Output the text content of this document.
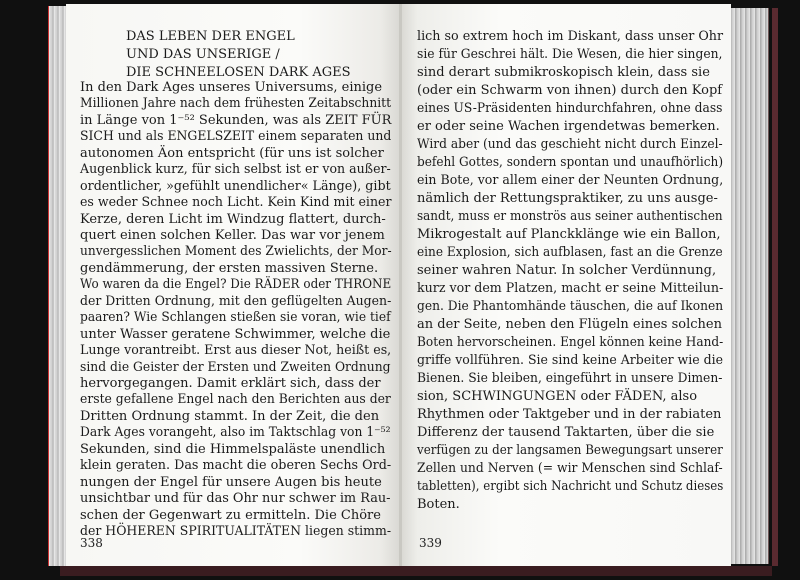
DAS LEBEN DER ENGEL
UND DAS UNSERIGE /
DIE SCHNEELOSEN DARK AGES
In den Dark Ages unseres Universums, einige
Millionen Jahre nach dem frühesten Zeitabschnitt
in Länge von 1⁻⁵² Sekunden, was als ZEIT FÜR
SICH und als ENGELSZEIT einem separaten und
autonomen Äon entspricht (für uns ist solcher
Augenblick kurz, für sich selbst ist er von außer-
ordentlicher, »gefühlt unendlicher« Länge), gibt
es weder Schnee noch Licht. Kein Kind mit einer
Kerze, deren Licht im Windzug flattert, durch-
quert einen solchen Keller. Das war vor jenem
unvergesslichen Moment des Zwielichts, der Mor-
gendämmerung, der ersten massiven Sterne.
Wo waren da die Engel? Die RÄDER oder THRONE
der Dritten Ordnung, mit den geflügelten Augen-
paaren? Wie Schlangen stießen sie voran, wie tief
unter Wasser geratene Schwimmer, welche die
Lunge vorantreibt. Erst aus dieser Not, heißt es,
sind die Geister der Ersten und Zweiten Ordnung
hervorgegangen. Damit erklärt sich, dass der
erste gefallene Engel nach den Berichten aus der
Dritten Ordnung stammt. In der Zeit, die den
Dark Ages vorangeht, also im Taktschlag von 1⁻⁵²
Sekunden, sind die Himmelspaläste unendlich
klein geraten. Das macht die oberen Sechs Ord-
nungen der Engel für unsere Augen bis heute
unsichtbar und für das Ohr nur schwer im Rau-
schen der Gegenwart zu ermitteln. Die Chöre
der HÖHEREN SPIRITUALITÄTEN liegen stimm-
338
lich so extrem hoch im Diskant, dass unser Ohr
sie für Geschrei hält. Die Wesen, die hier singen,
sind derart submikroskopisch klein, dass sie
(oder ein Schwarm von ihnen) durch den Kopf
eines US-Präsidenten hindurchfahren, ohne dass
er oder seine Wachen irgendetwas bemerken.
Wird aber (und das geschieht nicht durch Einzel-
befehl Gottes, sondern spontan und unaufhörlich)
ein Bote, vor allem einer der Neunten Ordnung,
nämlich der Rettungspraktiker, zu uns ausge-
sandt, muss er monströs aus seiner authentischen
Mikrogestalt auf Planckklänge wie ein Ballon,
eine Explosion, sich aufblasen, fast an die Grenze
seiner wahren Natur. In solcher Verdünnung,
kurz vor dem Platzen, macht er seine Mitteilun-
gen. Die Phantomhände täuschen, die auf Ikonen
an der Seite, neben den Flügeln eines solchen
Boten hervorscheinen. Engel können keine Hand-
griffe vollführen. Sie sind keine Arbeiter wie die
Bienen. Sie bleiben, eingeführt in unsere Dimen-
sion, SCHWINGUNGEN oder FÄDEN, also
Rhythmen oder Taktgeber und in der rabiaten
Differenz der tausend Taktarten, über die sie
verfügen zu der langsamen Bewegungsart unserer
Zellen und Nerven (= wir Menschen sind Schlaf-
tabletten), ergibt sich Nachricht und Schutz dieses
Boten.
339
